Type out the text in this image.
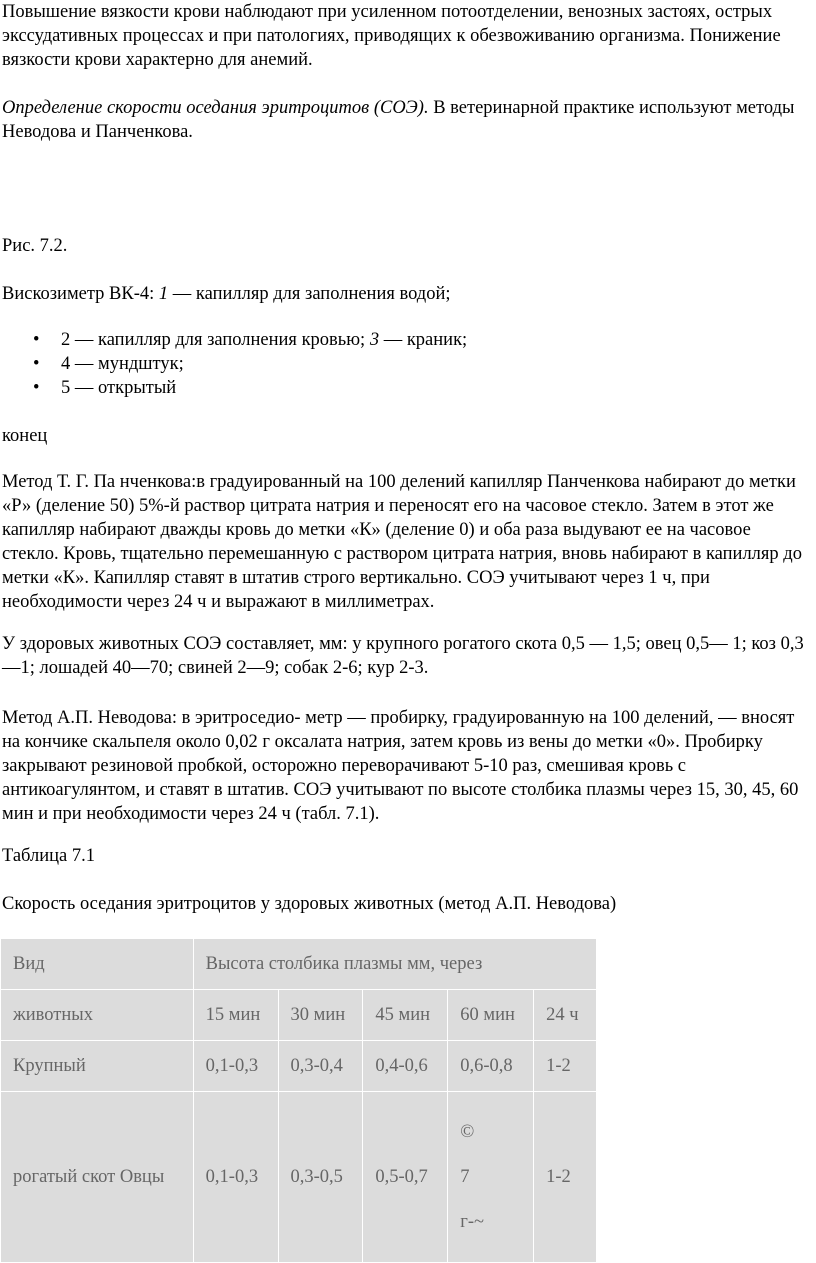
Повышение вязкости крови наблюдают при усиленном потоотделении, венозных застоях, острых экссудативных процессах и при патологиях, приводящих к обезвоживанию организма. Понижение вязкости крови характерно для анемий.

Определение скорости оседания эритроцитов (СОЭ). В ветеринарной практике используют методы Неводова и Панченкова.

Рис. 7.2.

Вискозиметр ВК-4: 1 — капилляр для заполнения водой;

• 2 — капилляр для заполнения кровью; 3 — краник;
• 4 — мундштук;
• 5 — открытый

конец

Метод Т. Г. Па нченкова:в градуированный на 100 делений капилляр Панченкова набирают до метки «Р» (деление 50) 5%-й раствор цитрата натрия и переносят его на часовое стекло. Затем в этот же капилляр набирают дважды кровь до метки «К» (деление 0) и оба раза выдувают ее на часовое стекло. Кровь, тщательно перемешанную с раствором цитрата натрия, вновь набирают в капилляр до метки «К». Капилляр ставят в штатив строго вертикально. СОЭ учитывают через 1 ч, при необходимости через 24 ч и выражают в миллиметрах.

У здоровых животных СОЭ составляет, мм: у крупного рогатого скота 0,5 — 1,5; овец 0,5— 1; коз 0,3—1; лошадей 40—70; свиней 2—9; собак 2-6; кур 2-3.

Метод А.П. Неводова: в эритроседио- метр — пробирку, градуированную на 100 делений, — вносят на кончике скальпеля около 0,02 г оксалата натрия, затем кровь из вены до метки «0». Пробирку закрывают резиновой пробкой, осторожно переворачивают 5-10 раз, смешивая кровь с антикоагулянтом, и ставят в штатив. СОЭ учитывают по высоте столбика плазмы через 15, 30, 45, 60 мин и при необходимости через 24 ч (табл. 7.1).

Таблица 7.1

Скорость оседания эритроцитов у здоровых животных (метод А.П. Неводова)

Вид	Высота столбика плазмы мм, через				
животных	15 мин	30 мин	45 мин	60 мин	24 ч
Крупный	0,1-0,3	0,3-0,4	0,4-0,6	0,6-0,8	1-2
рогатый скот Овцы	0,1-0,3	0,3-0,5	0,5-0,7	©
7
г-~	1-2
